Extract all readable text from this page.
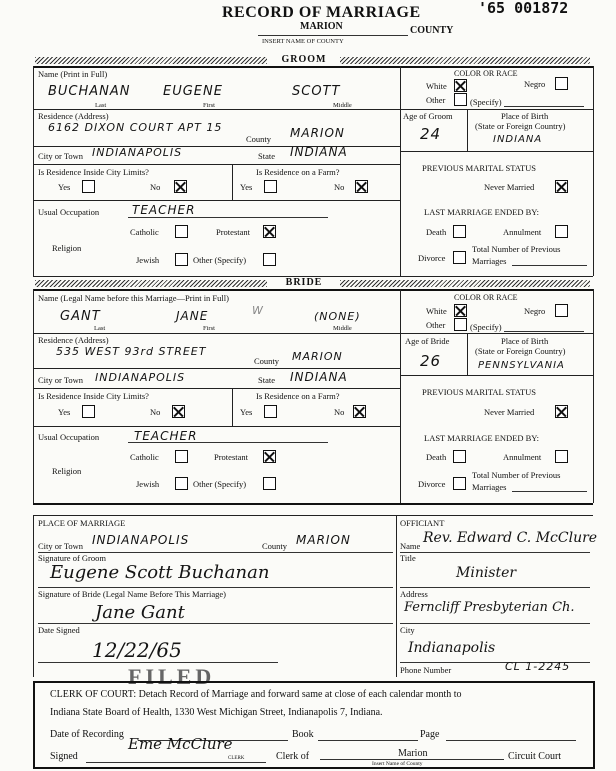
RECORD OF MARRIAGE	'65 001872
MARION	COUNTY
INSERT NAME OF COUNTY
GROOM
Name (Print in Full)
BUCHANAN EUGENE	SCOTT
Last	First	Middle
Residence (Address)
6162 DIXON COURT APT 15
County MARION
City or Town INDIANAPOLIS	State INDIANA
Is Residence Inside City Limits?	Is Residence on a Farm?
Yes	No	Yes	No
Usual Occupation	TEACHER
Religion
Catholic	Protestant
Jewish	Other (Specify)
COLOR OR RACE
White	Negro
Other	(Specify)
Age of Groom
24
Place of Birth
(State or Foreign Country)
INDIANA
PREVIOUS MARITAL STATUS
Never Married
LAST MARRIAGE ENDED BY:
Death	Annulment
Divorce
Total Number of Previous
Marriages
BRIDE
Name (Legal Name before this Marriage—Print in Full)
GANT	JANE	W	(NONE)
Last	First	Middle
Residence (Address)
535 WEST 93rd STREET
County MARION
City or Town INDIANAPOLIS	State INDIANA
Is Residence Inside City Limits?	Is Residence on a Farm?
Yes	No	Yes	No
Usual Occupation	TEACHER
Religion
Catholic	Protestant
Jewish	Other (Specify)
COLOR OR RACE
White	Negro
Other	(Specify)
Age of Bride
26
Place of Birth
(State or Foreign Country)
PENNSYLVANIA
PREVIOUS MARITAL STATUS
Never Married
LAST MARRIAGE ENDED BY:
Death	Annulment
Divorce
Total Number of Previous
Marriages
PLACE OF MARRIAGE	OFFICIANT
City or Town INDIANAPOLIS	County MARION
Signature of Groom
Eugene Scott Buchanan
Signature of Bride (Legal Name Before This Marriage)
Jane Gant
Date Signed
12/22/65
FILED
Name Rev. Edward C. McClure
Title
Minister
Address
Ferncliff Presbyterian Ch.
City
Indianapolis
Phone Number	CL 1-2245
CLERK OF COURT: Detach Record of Marriage and forward same at close of each calendar month to
Indiana State Board of Health, 1330 West Michigan Street, Indianapolis 7, Indiana.
Date of Recording	Book	Page
Signed
Eme McClure
CLERK	Clerk of	Marion
Insert Name of County
Circuit Court
